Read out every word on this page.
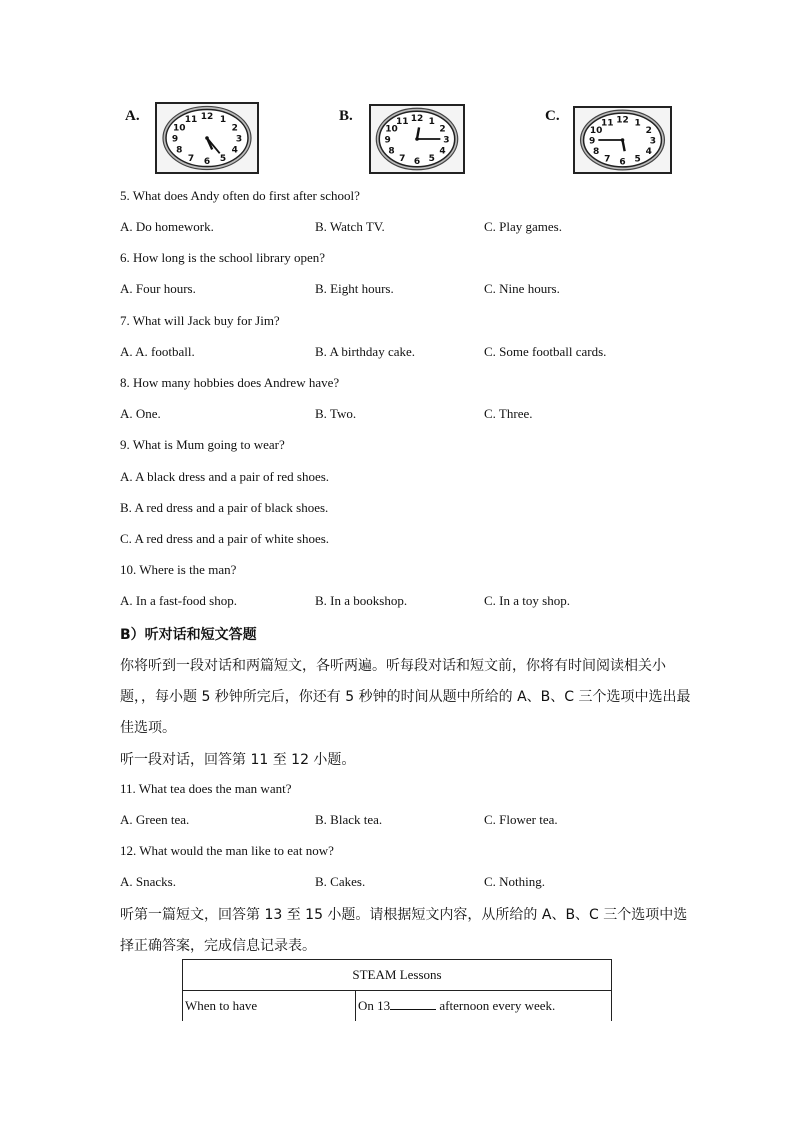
A.	12 1
2
3
4
5
6
7
8
9
10
11	B.	12 1
2
3
4
5
6
7
8
9
10
11	C.	12 1
2
3
4
5
6
7
8
9
10
11
5. What does Andy often do first after school?
A. Do homework.	B. Watch TV.	C. Play games.
6. How long is the school library open?
A. Four hours.	B. Eight hours.	C. Nine hours.
7. What will Jack buy for Jim?
A. A. football.	B. A birthday cake.	C. Some football cards.
8. How many hobbies does Andrew have?
A. One.	B. Two.	C. Three.
9. What is Mum going to wear?
A. A black dress and a pair of red shoes.
B. A red dress and a pair of black shoes.
C. A red dress and a pair of white shoes.
10. Where is the man?
A. In a fast-food shop.	B. In a bookshop.	C. In a toy shop.
B）听对话和短文答题
你将听到一段对话和两篇短文，各听两遍。听每段对话和短文前，你将有时间阅读相关小
题，，每小题 5 秒钟所完后，你还有 5 秒钟的时间从题中所给的 A、B、C 三个选项中选出最
佳选项。
听一段对话，回答第 11 至 12 小题。
11. What tea does the man want?
A. Green tea.	B. Black tea.	C. Flower tea.
12. What would the man like to eat now?
A. Snacks.	B. Cakes.	C. Nothing.
听第一篇短文，回答第 13 至 15 小题。请根据短文内容，从所给的 A、B、C 三个选项中选
择正确答案，完成信息记录表。
STEAM Lessons
When to have	On 13	afternoon every week.
